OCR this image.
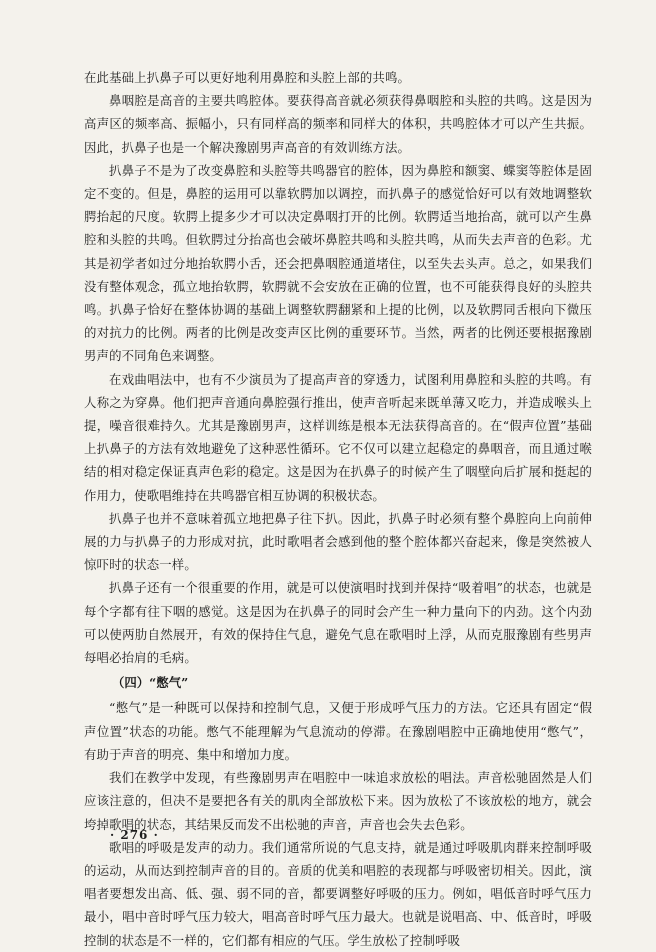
在此基础上扒鼻子可以更好地利用鼻腔和头腔上部的共鸣。

鼻咽腔是高音的主要共鸣腔体。要获得高音就必须获得鼻咽腔和头腔的共鸣。这是因为高声区的频率高、振幅小，只有同样高的频率和同样大的体积，共鸣腔体才可以产生共振。因此，扒鼻子也是一个解决豫剧男声高音的有效训练方法。

扒鼻子不是为了改变鼻腔和头腔等共鸣器官的腔体，因为鼻腔和额窦、蝶窦等腔体是固定不变的。但是，鼻腔的运用可以靠软腭加以调控，而扒鼻子的感觉恰好可以有效地调整软腭抬起的尺度。软腭上提多少才可以决定鼻咽打开的比例。软腭适当地抬高，就可以产生鼻腔和头腔的共鸣。但软腭过分抬高也会破坏鼻腔共鸣和头腔共鸣，从而失去声音的色彩。尤其是初学者如过分地抬软腭小舌，还会把鼻咽腔通道堵住，以至失去头声。总之，如果我们没有整体观念，孤立地抬软腭，软腭就不会安放在正确的位置，也不可能获得良好的头腔共鸣。扒鼻子恰好在整体协调的基础上调整软腭翻紧和上提的比例，以及软腭同舌根向下微压的对抗力的比例。两者的比例是改变声区比例的重要环节。当然，两者的比例还要根据豫剧男声的不同角色来调整。

在戏曲唱法中，也有不少演员为了提高声音的穿透力，试图利用鼻腔和头腔的共鸣。有人称之为穿鼻。他们把声音通向鼻腔强行推出，使声音听起来既单薄又吃力，并造成喉头上提，噪音很难持久。尤其是豫剧男声，这样训练是根本无法获得高音的。在“假声位置”基础上扒鼻子的方法有效地避免了这种恶性循环。它不仅可以建立起稳定的鼻咽音，而且通过喉结的相对稳定保证真声色彩的稳定。这是因为在扒鼻子的时候产生了咽壁向后扩展和挺起的作用力，使歌唱维持在共鸣器官相互协调的积极状态。

扒鼻子也并不意味着孤立地把鼻子往下扒。因此，扒鼻子时必须有整个鼻腔向上向前伸展的力与扒鼻子的力形成对抗，此时歌唱者会感到他的整个腔体都兴奋起来，像是突然被人惊吓时的状态一样。

扒鼻子还有一个很重要的作用，就是可以使演唱时找到并保持“吸着唱”的状态，也就是每个字都有往下咽的感觉。这是因为在扒鼻子的同时会产生一种力量向下的内劲。这个内劲可以使两肋自然展开，有效的保持住气息，避免气息在歌唱时上浮，从而克服豫剧有些男声每唱必抬肩的毛病。

（四）“憋气”

“憋气”是一种既可以保持和控制气息，又便于形成呼气压力的方法。它还具有固定“假声位置”状态的功能。憋气不能理解为气息流动的停滞。在豫剧唱腔中正确地使用“憋气”，有助于声音的明亮、集中和增加力度。

我们在教学中发现，有些豫剧男声在唱腔中一味追求放松的唱法。声音松驰固然是人们应该注意的，但决不是要把各有关的肌肉全部放松下来。因为放松了不该放松的地方，就会垮掉歌唱的状态，其结果反而发不出松驰的声音，声音也会失去色彩。

歌唱的呼吸是发声的动力。我们通常所说的气息支持，就是通过呼吸肌肉群来控制呼吸的运动，从而达到控制声音的目的。音质的优美和唱腔的表现都与呼吸密切相关。因此，演唱者要想发出高、低、强、弱不同的音，都要调整好呼吸的压力。例如，唱低音时呼气压力最小，唱中音时呼气压力较大，唱高音时呼气压力最大。也就是说唱高、中、低音时，呼吸控制的状态是不一样的，它们都有相应的气压。学生放松了控制呼吸

· 276 ·
